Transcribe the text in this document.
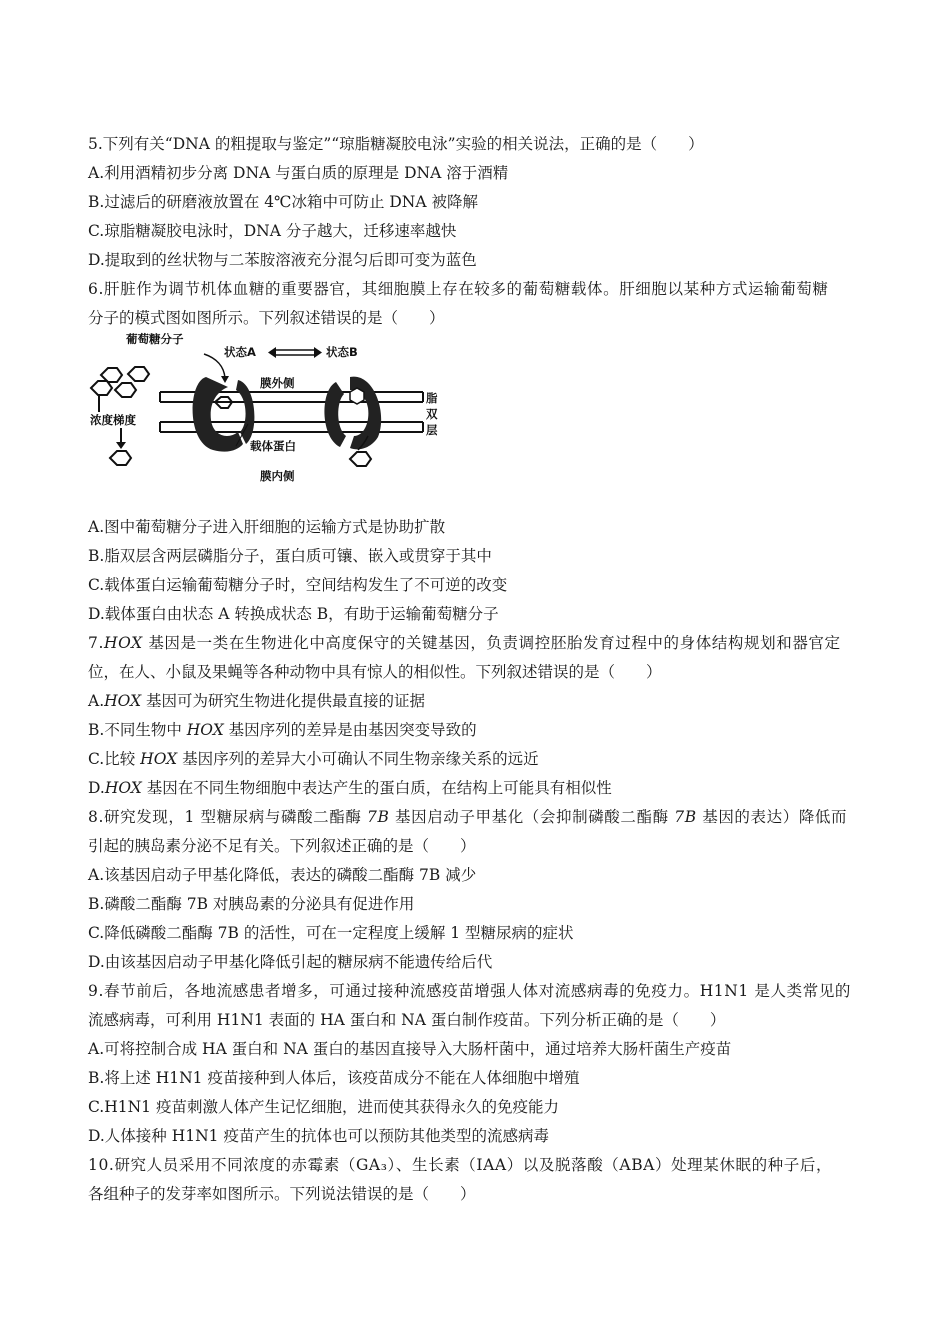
5.下列有关“DNA 的粗提取与鉴定”“琼脂糖凝胶电泳”实验的相关说法，正确的是（　　）
A.利用酒精初步分离 DNA 与蛋白质的原理是 DNA 溶于酒精
B.过滤后的研磨液放置在 4℃冰箱中可防止 DNA 被降解
C.琼脂糖凝胶电泳时，DNA 分子越大，迁移速率越快
D.提取到的丝状物与二苯胺溶液充分混匀后即可变为蓝色
6.肝脏作为调节机体血糖的重要器官，其细胞膜上存在较多的葡萄糖载体。肝细胞以某种方式运输葡萄糖
分子的模式图如图所示。下列叙述错误的是（　　）
葡萄糖分子
状态A	状态B
膜外侧
浓度梯度
脂
双
层
载体蛋白
膜内侧
A.图中葡萄糖分子进入肝细胞的运输方式是协助扩散
B.脂双层含两层磷脂分子，蛋白质可镶、嵌入或贯穿于其中
C.载体蛋白运输葡萄糖分子时，空间结构发生了不可逆的改变
D.载体蛋白由状态 A 转换成状态 B，有助于运输葡萄糖分子
7.HOX 基因是一类在生物进化中高度保守的关键基因，负责调控胚胎发育过程中的身体结构规划和器官定
位，在人、小鼠及果蝇等各种动物中具有惊人的相似性。下列叙述错误的是（　　）
A.HOX 基因可为研究生物进化提供最直接的证据
B.不同生物中 HOX 基因序列的差异是由基因突变导致的
C.比较 HOX 基因序列的差异大小可确认不同生物亲缘关系的远近
D.HOX 基因在不同生物细胞中表达产生的蛋白质，在结构上可能具有相似性
8.研究发现，1 型糖尿病与磷酸二酯酶 7B 基因启动子甲基化（会抑制磷酸二酯酶 7B 基因的表达）降低而
引起的胰岛素分泌不足有关。下列叙述正确的是（　　）
A.该基因启动子甲基化降低，表达的磷酸二酯酶 7B 减少
B.磷酸二酯酶 7B 对胰岛素的分泌具有促进作用
C.降低磷酸二酯酶 7B 的活性，可在一定程度上缓解 1 型糖尿病的症状
D.由该基因启动子甲基化降低引起的糖尿病不能遗传给后代
9.春节前后，各地流感患者增多，可通过接种流感疫苗增强人体对流感病毒的免疫力。H1N1 是人类常见的
流感病毒，可利用 H1N1 表面的 HA 蛋白和 NA 蛋白制作疫苗。下列分析正确的是（　　）
A.可将控制合成 HA 蛋白和 NA 蛋白的基因直接导入大肠杆菌中，通过培养大肠杆菌生产疫苗
B.将上述 H1N1 疫苗接种到人体后，该疫苗成分不能在人体细胞中增殖
C.H1N1 疫苗刺激人体产生记忆细胞，进而使其获得永久的免疫能力
D.人体接种 H1N1 疫苗产生的抗体也可以预防其他类型的流感病毒
10.研究人员采用不同浓度的赤霉素（GA₃）、生长素（IAA）以及脱落酸（ABA）处理某休眠的种子后，
各组种子的发芽率如图所示。下列说法错误的是（　　）
